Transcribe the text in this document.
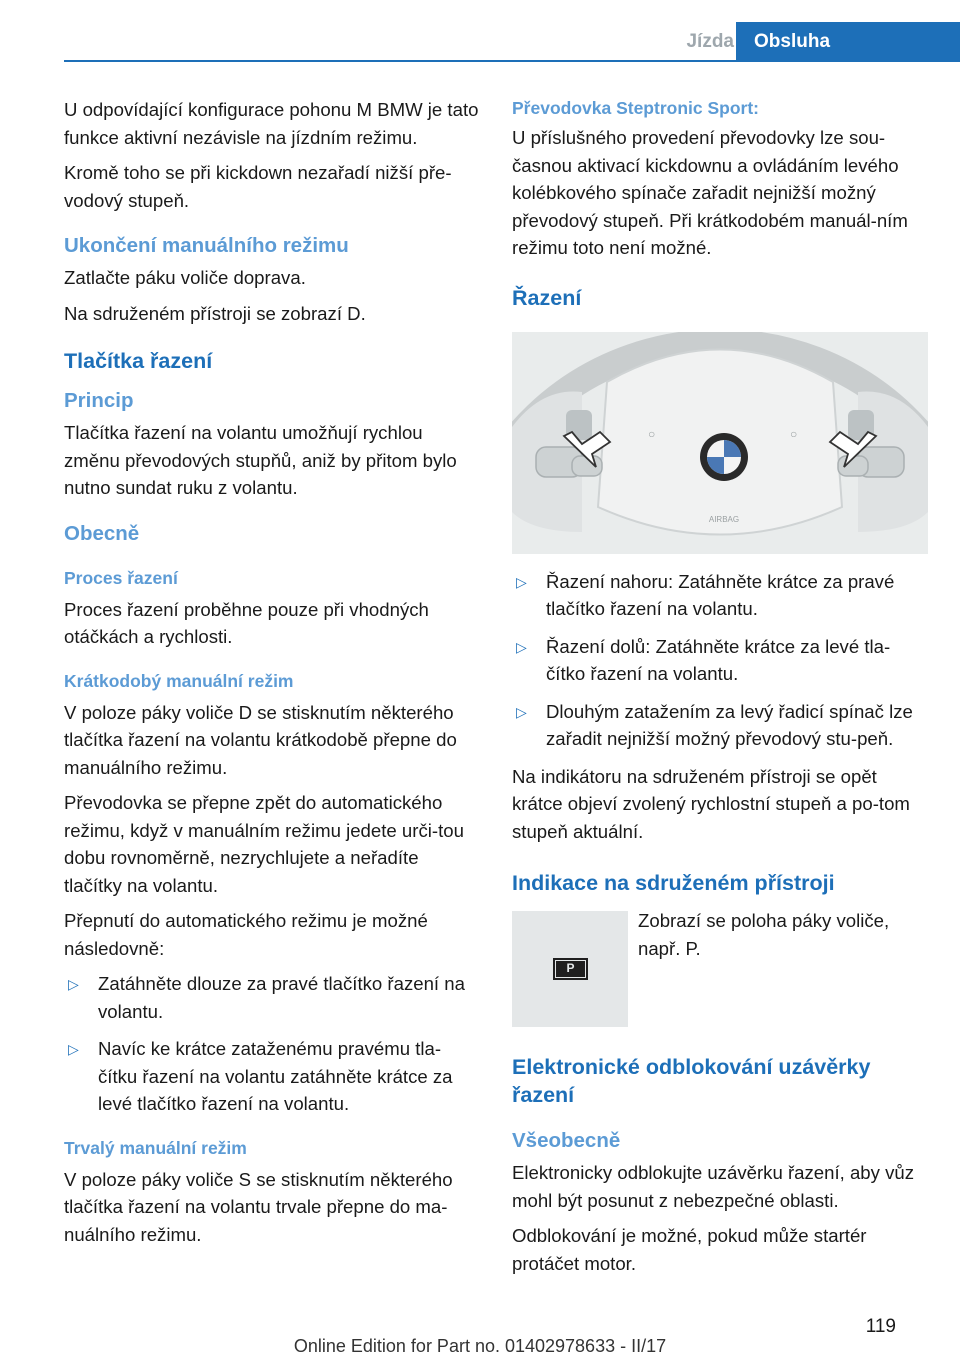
Jízda	Obsluha

U odpovídající konfigurace pohonu M BMW je tato funkce aktivní nezávisle na jízdním režimu.

Kromě toho se při kickdown nezařadí nižší pře‐vodový stupeň.

Ukončení manuálního režimu

Zatlačte páku voliče doprava.

Na sdruženém přístroji se zobrazí D.

Tlačítka řazení
Princip

Tlačítka řazení na volantu umožňují rychlou změnu převodových stupňů, aniž by přitom bylo nutno sundat ruku z volantu.

Obecně
Proces řazení

Proces řazení proběhne pouze při vhodných otáčkách a rychlosti.

Krátkodobý manuální režim

V poloze páky voliče D se stisknutím některého tlačítka řazení na volantu krátkodobě přepne do manuálního režimu.

Převodovka se přepne zpět do automatického režimu, když v manuálním režimu jedete urči‐tou dobu rovnoměrně, nezrychlujete a neřadíte tlačítky na volantu.

Přepnutí do automatického režimu je možné následovně:

▷ Zatáhněte dlouze za pravé tlačítko řazení na volantu.
▷ Navíc ke krátce zataženému pravému tla‐čítku řazení na volantu zatáhněte krátce za levé tlačítko řazení na volantu.
Trvalý manuální režim

V poloze páky voliče S se stisknutím některého tlačítka řazení na volantu trvale přepne do ma‐nuálního režimu.

Převodovka Steptronic Sport:

U příslušného provedení převodovky lze sou‐časnou aktivací kickdownu a ovládáním levého kolébkového spínače zařadit nejnižší možný převodový stupeň. Při krátkodobém manuál‐ním režimu toto není možné.

Řazení
AIRBAG
○	○
▷ Řazení nahoru: Zatáhněte krátce za pravé tlačítko řazení na volantu.
▷ Řazení dolů: Zatáhněte krátce za levé tla‐čítko řazení na volantu.
▷ Dlouhým zatažením za levý řadicí spínač lze zařadit nejnižší možný převodový stu‐peň.

Na indikátoru na sdruženém přístroji se opět krátce objeví zvolený rychlostní stupeň a po‐tom stupeň aktuální.

Indikace na sdruženém přístroji
P
Zobrazí se poloha páky voliče, např. P.
Elektronické odblokování uzávěrky řazení
Všeobecně

Elektronicky odblokujte uzávěrku řazení, aby vůz mohl být posunut z nebezpečné oblasti.

Odblokování je možné, pokud může startér protáčet motor.

119
Online Edition for Part no. 01402978633 - II/17
